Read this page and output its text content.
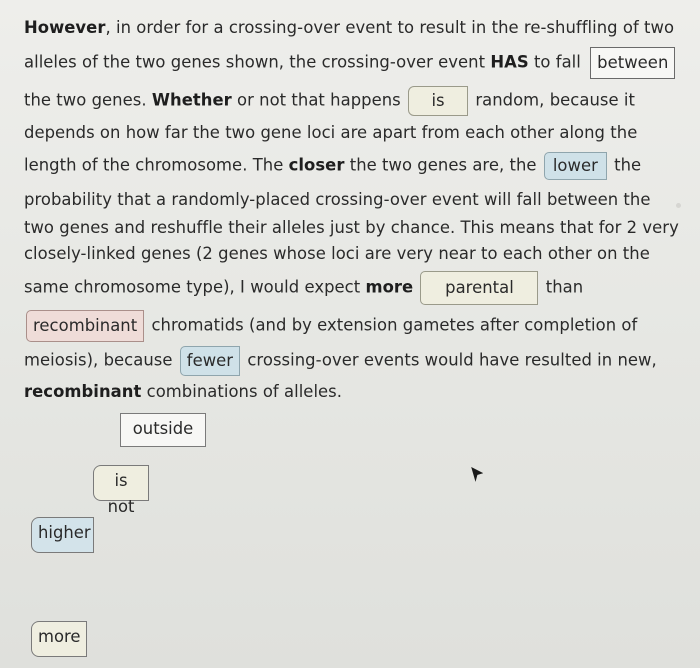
However, in order for a crossing-over event to result in the re-shuffling of two
alleles of the two genes shown, the crossing-over event HAS to fall between
the two genes. Whether or not that happens is random, because it
depends on how far the two gene loci are apart from each other along the
length of the chromosome. The closer the two genes are, the lower the
probability that a randomly-placed crossing-over event will fall between the
two genes and reshuffle their alleles just by chance. This means that for 2 very
closely-linked genes (2 genes whose loci are very near to each other on the
same chromosome type), I would expect more parental than
recombinant chromatids (and by extension gametes after completion of
meiosis), because fewer crossing-over events would have resulted in new,
recombinant combinations of alleles.
outside
is not
higher
more
